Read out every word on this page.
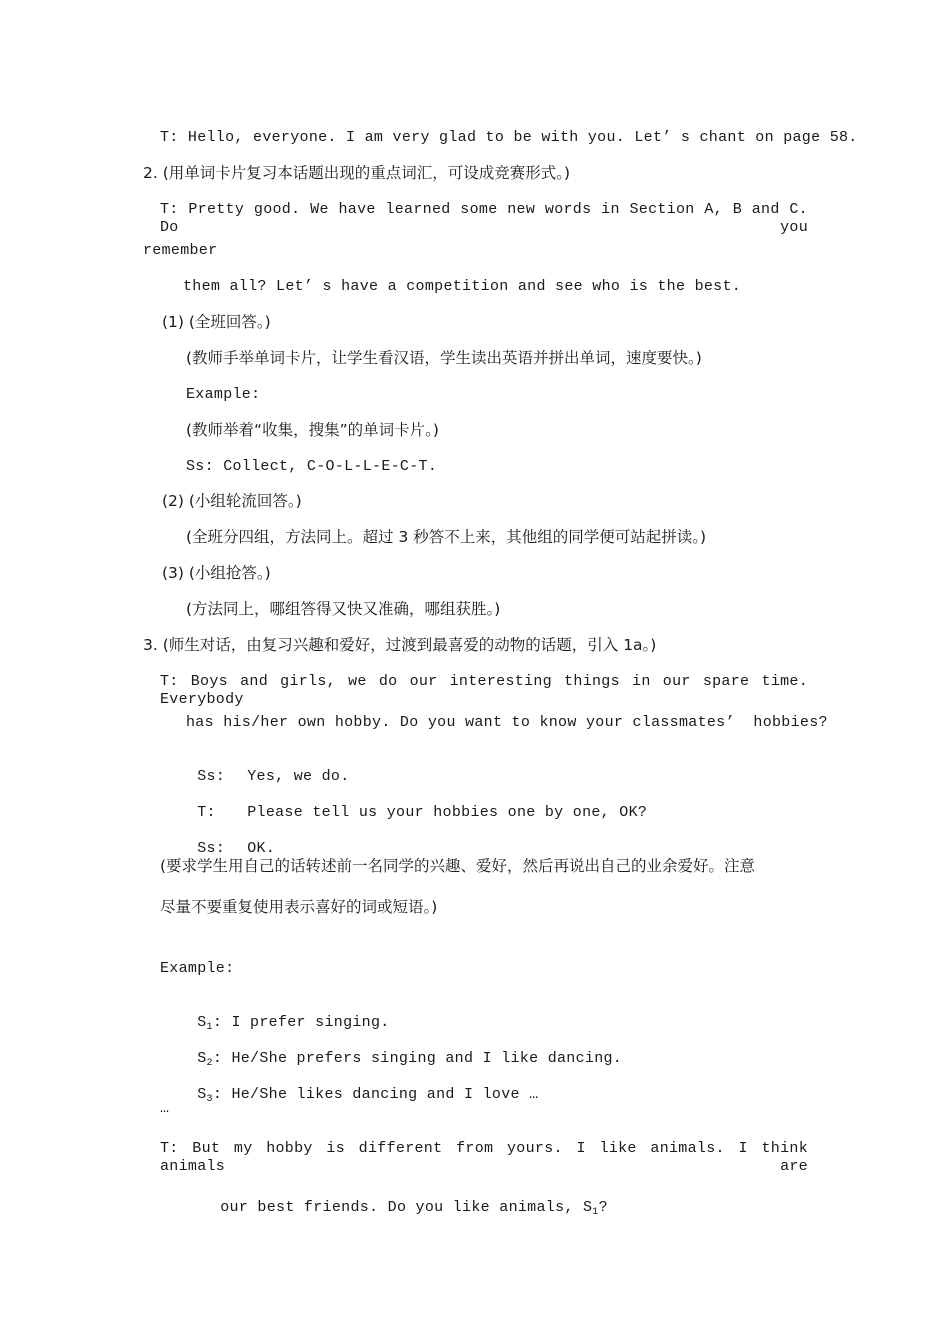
T: Hello, everyone. I am very glad to be with you. Let’ s chant on page 58.
2. (用单词卡片复习本话题出现的重点词汇，可设成竞赛形式。)
T: Pretty good. We have learned some new words in Section A, B and C. Do you
remember
them all? Let’ s have a competition and see who is the best.
(1) (全班回答。)
(教师手举单词卡片，让学生看汉语，学生读出英语并拼出单词，速度要快。)
Example:
(教师举着“收集，搜集”的单词卡片。)
Ss: Collect, C-O-L-L-E-C-T.
(2) (小组轮流回答。)
(全班分四组，方法同上。超过 3 秒答不上来，其他组的同学便可站起拼读。)
(3) (小组抢答。)
(方法同上，哪组答得又快又准确，哪组获胜。)
3. (师生对话，由复习兴趣和爱好，过渡到最喜爱的动物的话题，引入 1a。)
T: Boys and girls, we do our interesting things in our spare time. Everybody
has his/her own hobby. Do you want to know your classmates’  hobbies?

Ss: Yes, we do.

T: Please tell us your hobbies one by one, OK?

Ss: OK.

(要求学生用自己的话转述前一名同学的兴趣、爱好，然后再说出自己的业余爱好。注意
尽量不要重复使用表示喜好的词或短语。)
Example:

$S_1$: I prefer singing.

$S_2$: He/She prefers singing and I like dancing.

$S_3$: He/She likes dancing and I love …

…
T: But my hobby is different from yours. I like animals. I think animals are

our best friends. Do you like animals, $S_1$?
